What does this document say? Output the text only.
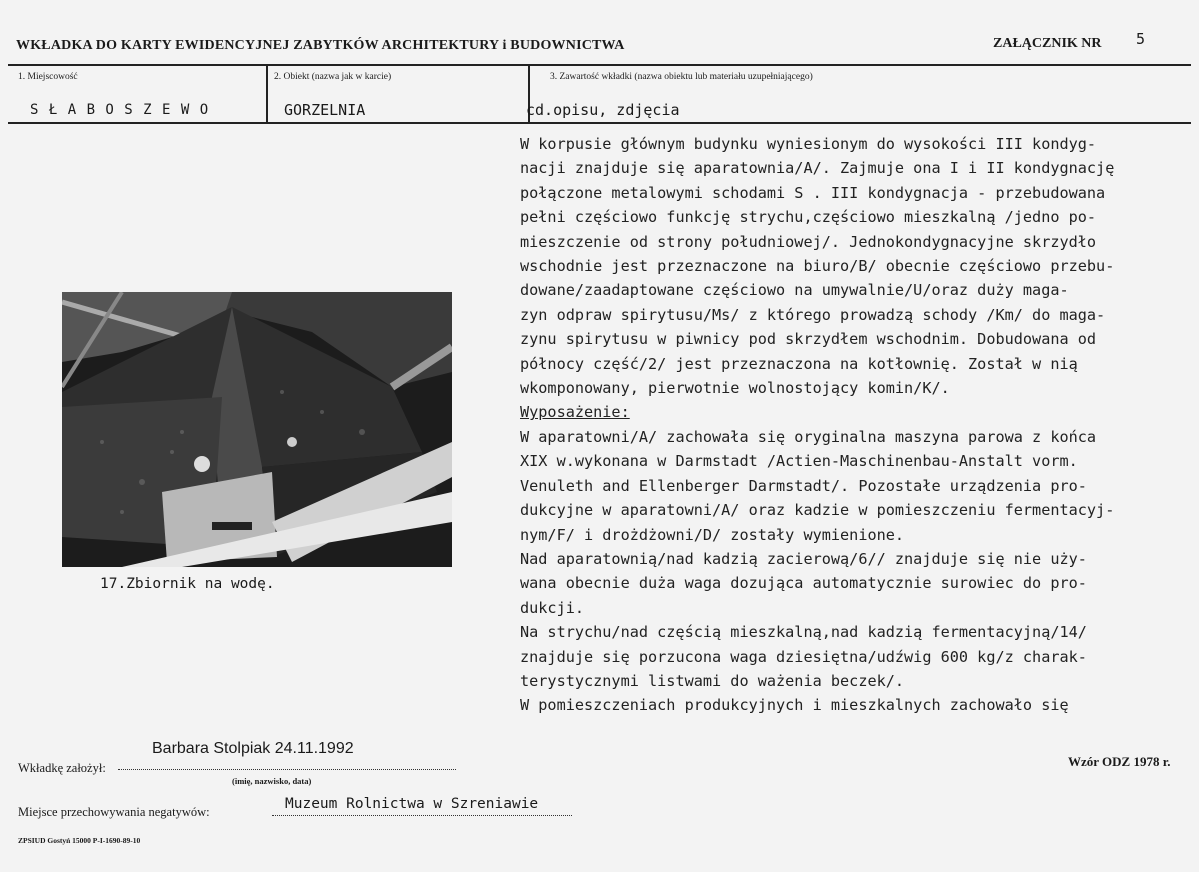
WKŁADKA DO KARTY EWIDENCYJNEJ ZABYTKÓW ARCHITEKTURY i BUDOWNICTWA	ZAŁĄCZNIK NR 5
1. Miejscowość	2. Obiekt (nazwa jak w karcie)	3. Zawartość wkładki (nazwa obiektu lub materiału uzupełniającego)
S Ł A B O S Z E W O	GORZELNIA	cd.opisu, zdjęcia

W korpusie głównym budynku wyniesionym do wysokości III kondyg-

nacji znajduje się aparatownia/A/. Zajmuje ona I i II kondygnację

połączone metalowymi schodami S . III kondygnacja - przebudowana

pełni częściowo funkcję strychu,częściowo mieszkalną /jedno po-

mieszczenie od strony południowej/. Jednokondygnacyjne skrzydło

wschodnie jest przeznaczone na biuro/B/ obecnie częściowo przebu-

dowane/zaadaptowane częściowo na umywalnie/U/oraz duży maga-

zyn odpraw spirytusu/Ms/ z którego prowadzą schody /Km/ do maga-

zynu spirytusu w piwnicy pod skrzydłem wschodnim. Dobudowana od

północy część/2/ jest przeznaczona na kotłownię. Został w nią

wkomponowany, pierwotnie wolnostojący komin/K/.

Wyposażenie:

W aparatowni/A/ zachowała się oryginalna maszyna parowa z końca

XIX w.wykonana w Darmstadt /Actien-Maschinenbau-Anstalt vorm.

Venuleth and Ellenberger Darmstadt/. Pozostałe urządzenia pro-

dukcyjne w aparatowni/A/ oraz kadzie w pomieszczeniu fermentacyj-

nym/F/ i drożdżowni/D/ zostały wymienione.

Nad aparatownią/nad kadzią zacierową/6// znajduje się nie uży-

wana obecnie duża waga dozująca automatycznie surowiec do pro-

dukcji.

Na strychu/nad częścią mieszkalną,nad kadzią fermentacyjną/14/

znajduje się porzucona waga dziesiętna/udźwig 600 kg/z charak-

terystycznymi listwami do ważenia beczek/.

W pomieszczeniach produkcyjnych i mieszkalnych zachowało się

17.Zbiornik na wodę.
Wzór ODZ 1978 r.
Wkładkę założył:
Barbara Stolpiak 24.11.1992
(imię, nazwisko, data)
Miejsce przechowywania negatywów:	Muzeum Rolnictwa w Szreniawie
ZPSIUD Gostyń 15000 P-I-1690-89-10
